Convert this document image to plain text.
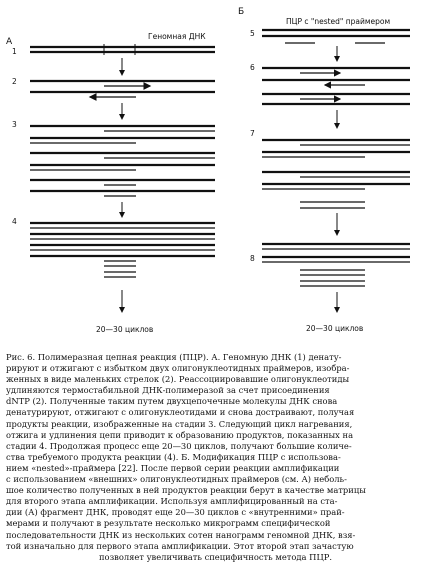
А
Геномная ДНК
1
2
3
4
20—30 циклов
Б
ПЦР с "nested" праймером
5
6
7
8
20—30 циклов
Рис. 6. Полимеразная цепная реакция (ПЦР). А. Геномную ДНК (1) денату-
рируют и отжигают с избытком двух олигонуклеотидных праймеров, изобра-
женных в виде маленьких стрелок (2). Реассоциировавшие олигонуклеотиды
удлиняются термостабильной ДНК-полимеразой за счет присоединения
dNTP (2). Полученные таким путем двухцепочечные молекулы ДНК снова
денатурируют, отжигают с олигонуклеотидами и снова достраивают, получая
продукты реакции, изображенные на стадии 3. Следующий цикл нагревания,
отжига и удлинения цепи приводит к образованию продуктов, показанных на
стадии 4. Продолжая процесс еще 20—30 циклов, получают большие количе-
ства требуемого продукта реакции (4). Б. Модификация ПЦР с использова-
нием «nested»-праймера [22]. После первой серии реакции амплификации
с использованием «внешних» олигонуклеотидных праймеров (см. А) неболь-
шое количество полученных в ней продуктов реакции берут в качестве матрицы
для второго этапа амплификации. Используя амплифицированный на ста-
дии (А) фрагмент ДНК, проводят еще 20—30 циклов с «внутренними» прай-
мерами и получают в результате несколько микрограмм специфической
последовательности ДНК из нескольких сотен нанограмм геномной ДНК, взя-
той изначально для первого этапа амплификации. Этот второй этап зачастую
позволяет увеличивать специфичность метода ПЦР.
